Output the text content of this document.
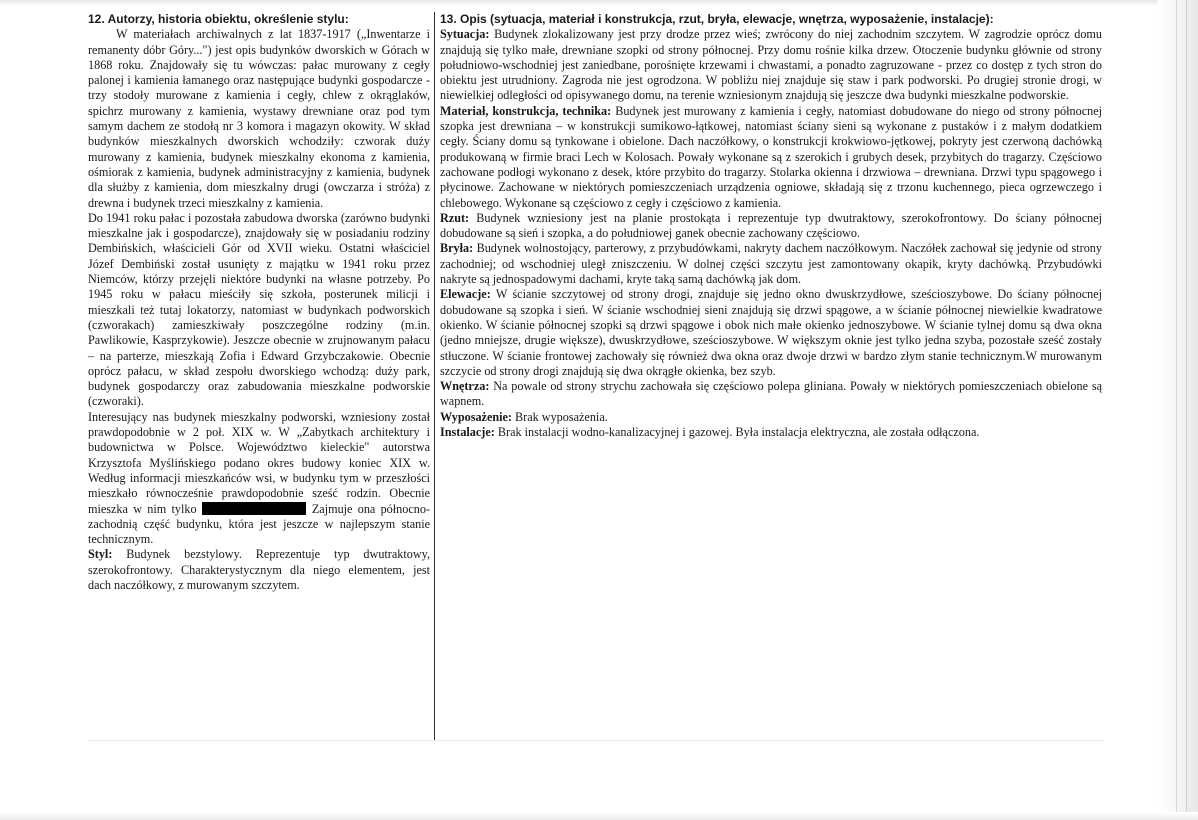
12. Autorzy, historia obiektu, określenie stylu:

W materiałach archiwalnych z lat 1837-1917 („Inwentarze i remanenty dóbr Góry...") jest opis budynków dworskich w Górach w 1868 roku. Znajdowały się tu wówczas: pałac murowany z cegły palonej i kamienia łamanego oraz następujące budynki gospodarcze - trzy stodoły murowane z kamienia i cegły, chlew z okrąglaków, spichrz murowany z kamienia, wystawy drewniane oraz pod tym samym dachem ze stodołą nr 3 komora i magazyn okowity. W skład budynków mieszkalnych dworskich wchodziły: czworak duży murowany z kamienia, budynek mieszkalny ekonoma z kamienia, ośmiorak z kamienia, budynek administracyjny z kamienia, budynek dla służby z kamienia, dom mieszkalny drugi (owczarza i stróża) z drewna i budynek trzeci mieszkalny z kamienia.

Do 1941 roku pałac i pozostała zabudowa dworska (zarówno budynki mieszkalne jak i gospodarcze), znajdowały się w posiadaniu rodziny Dembińskich, właścicieli Gór od XVII wieku. Ostatni właściciel Józef Dembiński został usunięty z majątku w 1941 roku przez Niemców, którzy przejęli niektóre budynki na własne potrzeby. Po 1945 roku w pałacu mieściły się szkoła, posterunek milicji i mieszkali też tutaj lokatorzy, natomiast w budynkach podworskich (czworakach) zamieszkiwały poszczególne rodziny (m.in. Pawlikowie, Kasprzykowie). Jeszcze obecnie w zrujnowanym pałacu – na parterze, mieszkają Zofia i Edward Grzybczakowie. Obecnie oprócz pałacu, w skład zespołu dworskiego wchodzą: duży park, budynek gospodarczy oraz zabudowania mieszkalne podworskie (czworaki).

Interesujący nas budynek mieszkalny podworski, wzniesiony został prawdopodobnie w 2 poł. XIX w. W „Zabytkach architektury i budownictwa w Polsce. Województwo kieleckie" autorstwa Krzysztofa Myślińskiego podano okres budowy koniec XIX w. Według informacji mieszkańców wsi, w budynku tym w przeszłości mieszkało równocześnie prawdopodobnie sześć rodzin. Obecnie mieszka w nim tylko	Zajmuje ona północno-zachodnią część budynku, która jest jeszcze w najlepszym stanie technicznym.

Styl: Budynek bezstylowy. Reprezentuje typ dwutraktowy, szerokofrontowy. Charakterystycznym dla niego elementem, jest dach naczółkowy, z murowanym szczytem.

13. Opis (sytuacja, materiał i konstrukcja, rzut, bryła, elewacje, wnętrza, wyposażenie, instalacje):

Sytuacja: Budynek zlokalizowany jest przy drodze przez wieś; zwrócony do niej zachodnim szczytem. W zagrodzie oprócz domu znajdują się tylko małe, drewniane szopki od strony północnej. Przy domu rośnie kilka drzew. Otoczenie budynku głównie od strony południowo-wschodniej jest zaniedbane, porośnięte krzewami i chwastami, a ponadto zagruzowane - przez co dostęp z tych stron do obiektu jest utrudniony. Zagroda nie jest ogrodzona. W pobliżu niej znajduje się staw i park podworski. Po drugiej stronie drogi, w niewielkiej odległości od opisywanego domu, na terenie wzniesionym znajdują się jeszcze dwa budynki mieszkalne podworskie.

Materiał, konstrukcja, technika: Budynek jest murowany z kamienia i cegły, natomiast dobudowane do niego od strony północnej szopka jest drewniana – w konstrukcji sumikowo-łątkowej, natomiast ściany sieni są wykonane z pustaków i z małym dodatkiem cegły. Ściany domu są tynkowane i obielone. Dach naczółkowy, o konstrukcji krokwiowo-jętkowej, pokryty jest czerwoną dachówką produkowaną w firmie braci Lech w Kolosach. Powały wykonane są z szerokich i grubych desek, przybitych do tragarzy. Częściowo zachowane podłogi wykonano z desek, które przybito do tragarzy. Stolarka okienna i drzwiowa – drewniana. Drzwi typu spągowego i płycinowe. Zachowane w niektórych pomieszczeniach urządzenia ogniowe, składają się z trzonu kuchennego, pieca ogrzewczego i chlebowego. Wykonane są częściowo z cegły i częściowo z kamienia.

Rzut: Budynek wzniesiony jest na planie prostokąta i reprezentuje typ dwutraktowy, szerokofrontowy. Do ściany północnej dobudowane są sień i szopka, a do południowej ganek obecnie zachowany częściowo.

Bryła: Budynek wolnostojący, parterowy, z przybudówkami, nakryty dachem naczółkowym. Naczółek zachował się jedynie od strony zachodniej; od wschodniej uległ zniszczeniu. W dolnej części szczytu jest zamontowany okapik, kryty dachówką. Przybudówki nakryte są jednospadowymi dachami, kryte taką samą dachówką jak dom.

Elewacje: W ścianie szczytowej od strony drogi, znajduje się jedno okno dwuskrzydłowe, sześcioszybowe. Do ściany północnej dobudowane są szopka i sień. W ścianie wschodniej sieni znajdują się drzwi spągowe, a w ścianie północnej niewielkie kwadratowe okienko. W ścianie północnej szopki są drzwi spągowe i obok nich małe okienko jednoszybowe. W ścianie tylnej domu są dwa okna (jedno mniejsze, drugie większe), dwuskrzydłowe, sześcioszybowe. W większym oknie jest tylko jedna szyba, pozostałe sześć zostały stłuczone. W ścianie frontowej zachowały się również dwa okna oraz dwoje drzwi w bardzo złym stanie technicznym.W murowanym szczycie od strony drogi znajdują się dwa okrągłe okienka, bez szyb.

Wnętrza: Na powale od strony strychu zachowała się częściowo polepa gliniana. Powały w niektórych pomieszczeniach obielone są wapnem.

Wyposażenie: Brak wyposażenia.

Instalacje: Brak instalacji wodno-kanalizacyjnej i gazowej. Była instalacja elektryczna, ale została odłączona.
